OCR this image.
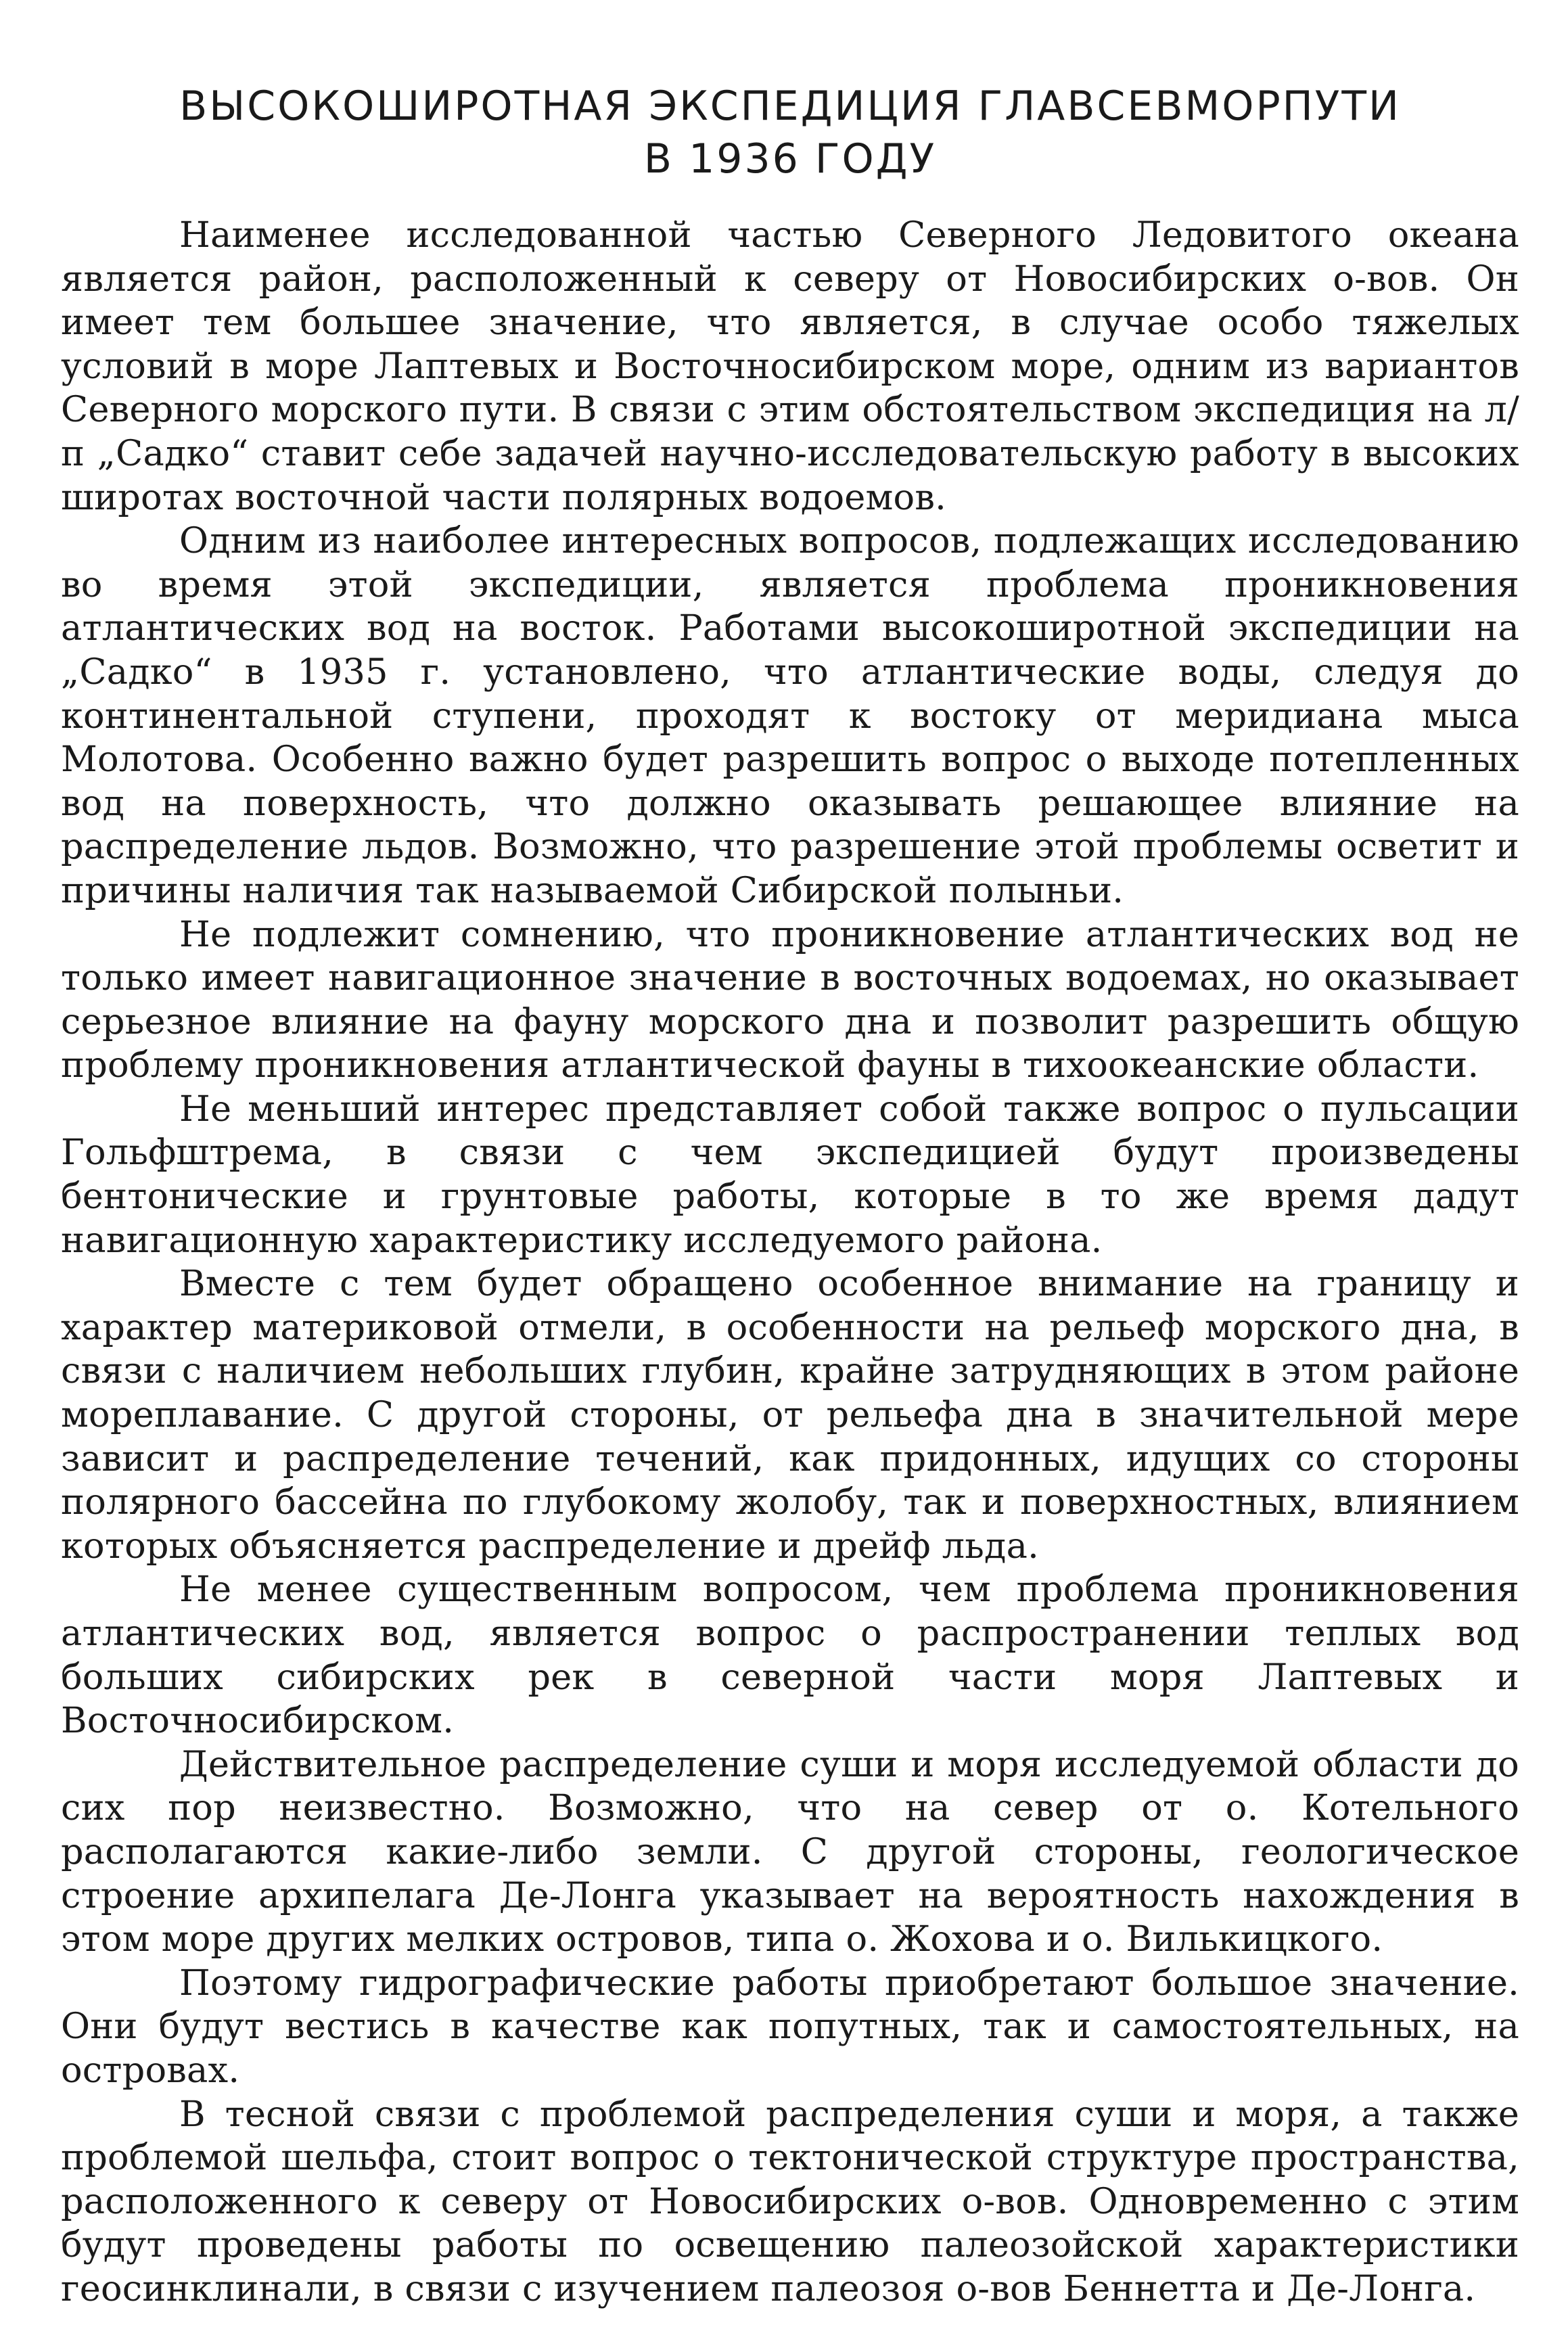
ВЫСОКОШИРОТНАЯ ЭКСПЕДИЦИЯ ГЛАВСЕВМОРПУТИ
В 1936 ГОДУ

Наименее исследованной частью Северного Ледовитого океана является район, расположенный к северу от Новосибирских о-вов. Он имеет тем большее значение, что является, в случае особо тяжелых условий в море Лаптевых и Восточносибирском море, одним из вариантов Северного морского пути. В связи с этим обстоятельством экспедиция на л/п „Садко“ ставит себе задачей научно-исследовательскую работу в высоких широтах восточной части полярных водоемов.

Одним из наиболее интересных вопросов, подлежащих исследованию во время этой экспедиции, является проблема проникновения атлантических вод на восток. Работами высокоширотной экспедиции на „Садко“ в 1935 г. установлено, что атлантические воды, следуя до континентальной ступени, проходят к востоку от меридиана мыса Молотова. Особенно важно будет разрешить вопрос о выходе потепленных вод на поверхность, что должно оказывать решающее влияние на распределение льдов. Возможно, что разрешение этой проблемы осветит и причины наличия так называемой Сибирской полыньи.

Не подлежит сомнению, что проникновение атлантических вод не только имеет навигационное значение в восточных водоемах, но оказывает серьезное влияние на фауну морского дна и позволит разрешить общую проблему проникновения атлантической фауны в тихоокеанские области.

Не меньший интерес представляет собой также вопрос о пульсации Гольфштрема, в связи с чем экспедицией будут произведены бентонические и грунтовые работы, которые в то же время дадут навигационную характеристику исследуемого района.

Вместе с тем будет обращено особенное внимание на границу и характер материковой отмели, в особенности на рельеф морского дна, в связи с наличием небольших глубин, крайне затрудняющих в этом районе мореплавание. С другой стороны, от рельефа дна в значительной мере зависит и распределение течений, как придонных, идущих со стороны полярного бассейна по глубокому жолобу, так и поверхностных, влиянием которых объясняется распределение и дрейф льда.

Не менее существенным вопросом, чем проблема проникновения атлантических вод, является вопрос о распространении теплых вод больших сибирских рек в северной части моря Лаптевых и Восточносибирском.

Действительное распределение суши и моря исследуемой области до сих пор неизвестно. Возможно, что на север от о. Котельного располагаются какие-либо земли. С другой стороны, геологическое строение архипелага Де-Лонга указывает на вероятность нахождения в этом море других мелких островов, типа о. Жохова и о. Вилькицкого.

Поэтому гидрографические работы приобретают большое значение. Они будут вестись в качестве как попутных, так и самостоятельных, на островах.

В тесной связи с проблемой распределения суши и моря, а также проблемой шельфа, стоит вопрос о тектонической структуре пространства, расположенного к северу от Новосибирских о-вов. Одновременно с этим будут проведены работы по освещению палеозойской характеристики геосинклинали, в связи с изучением палеозоя о-вов Беннетта и Де-Лонга.
